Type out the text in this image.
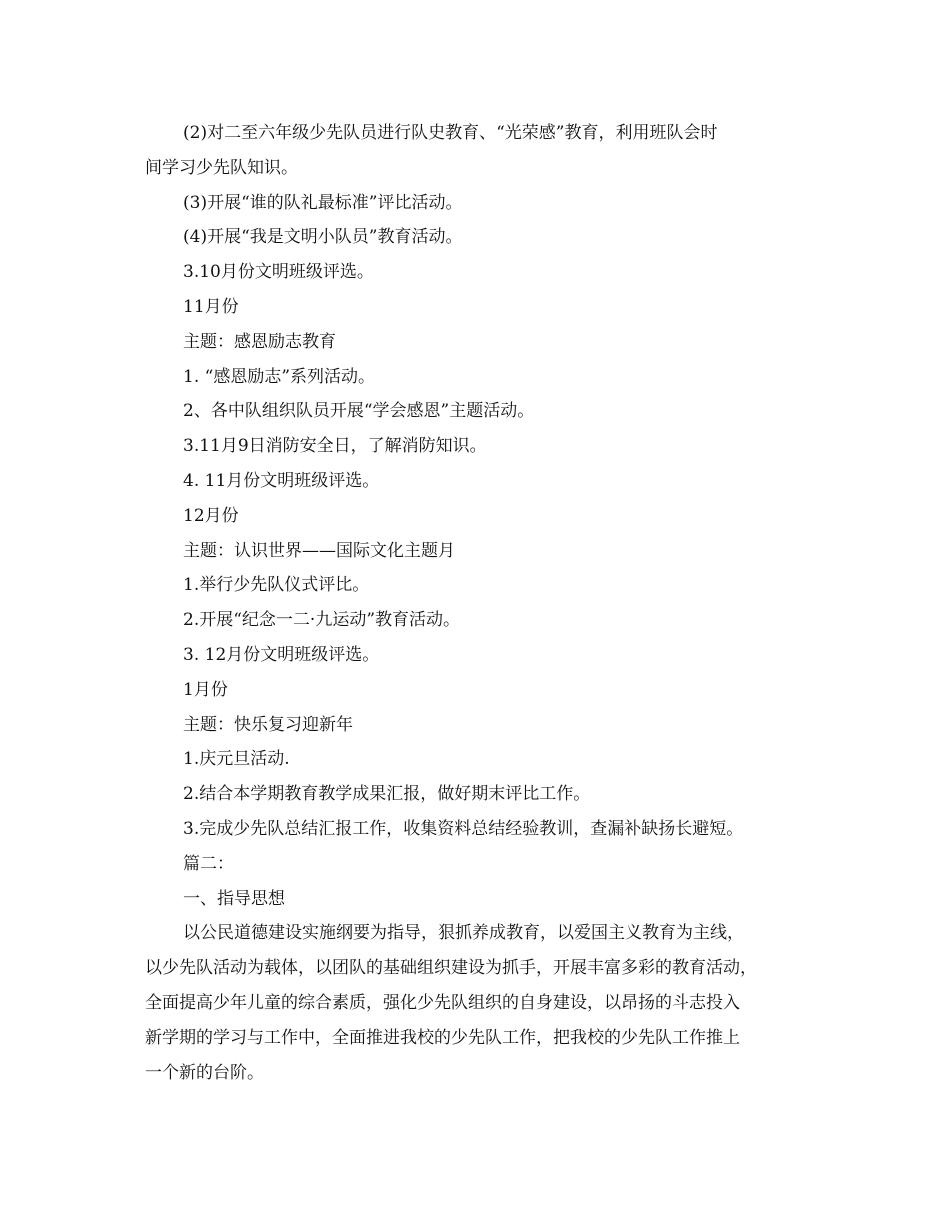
(2)对二至六年级少先队员进行队史教育、“光荣感”教育，利用班队会时
间学习少先队知识。
(3)开展“谁的队礼最标准”评比活动。
(4)开展“我是文明小队员”教育活动。
3.10月份文明班级评选。
11月份
主题：感恩励志教育
1. “感恩励志”系列活动。
2、各中队组织队员开展“学会感恩”主题活动。
3.11月9日消防安全日，了解消防知识。
4. 11月份文明班级评选。
12月份
主题：认识世界——国际文化主题月
1.举行少先队仪式评比。
2.开展“纪念一二·九运动”教育活动。
3. 12月份文明班级评选。
1月份
主题：快乐复习迎新年
1.庆元旦活动.
2.结合本学期教育教学成果汇报，做好期末评比工作。
3.完成少先队总结汇报工作，收集资料总结经验教训，查漏补缺扬长避短。
篇二：
一、指导思想
以公民道德建设实施纲要为指导，狠抓养成教育，以爱国主义教育为主线，
以少先队活动为载体，以团队的基础组织建设为抓手，开展丰富多彩的教育活动，
全面提高少年儿童的综合素质，强化少先队组织的自身建设，以昂扬的斗志投入
新学期的学习与工作中，全面推进我校的少先队工作，把我校的少先队工作推上
一个新的台阶。
